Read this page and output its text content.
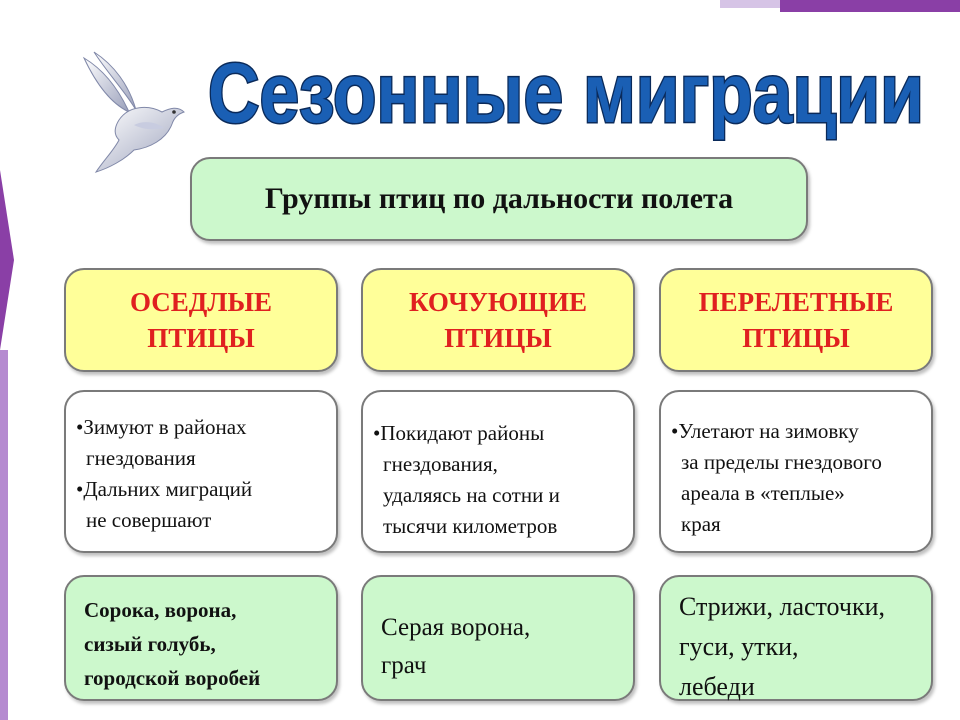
Сезонные миграции
Группы птиц по дальности полета
ОСЕДЛЫЕ
ПТИЦЫ

•Зимуют в районах

гнездования

•Дальних миграций

не совершают

Сорока, ворона,

сизый голубь,

городской воробей

КОЧУЮЩИЕ
ПТИЦЫ

•Покидают районы

гнездования,

удаляясь на сотни и

тысячи километров

Серая ворона,

грач

ПЕРЕЛЕТНЫЕ
ПТИЦЫ

•Улетают на зимовку

за пределы гнездового

ареала в «теплые»

края

Стрижи, ласточки,

гуси, утки,

лебеди
